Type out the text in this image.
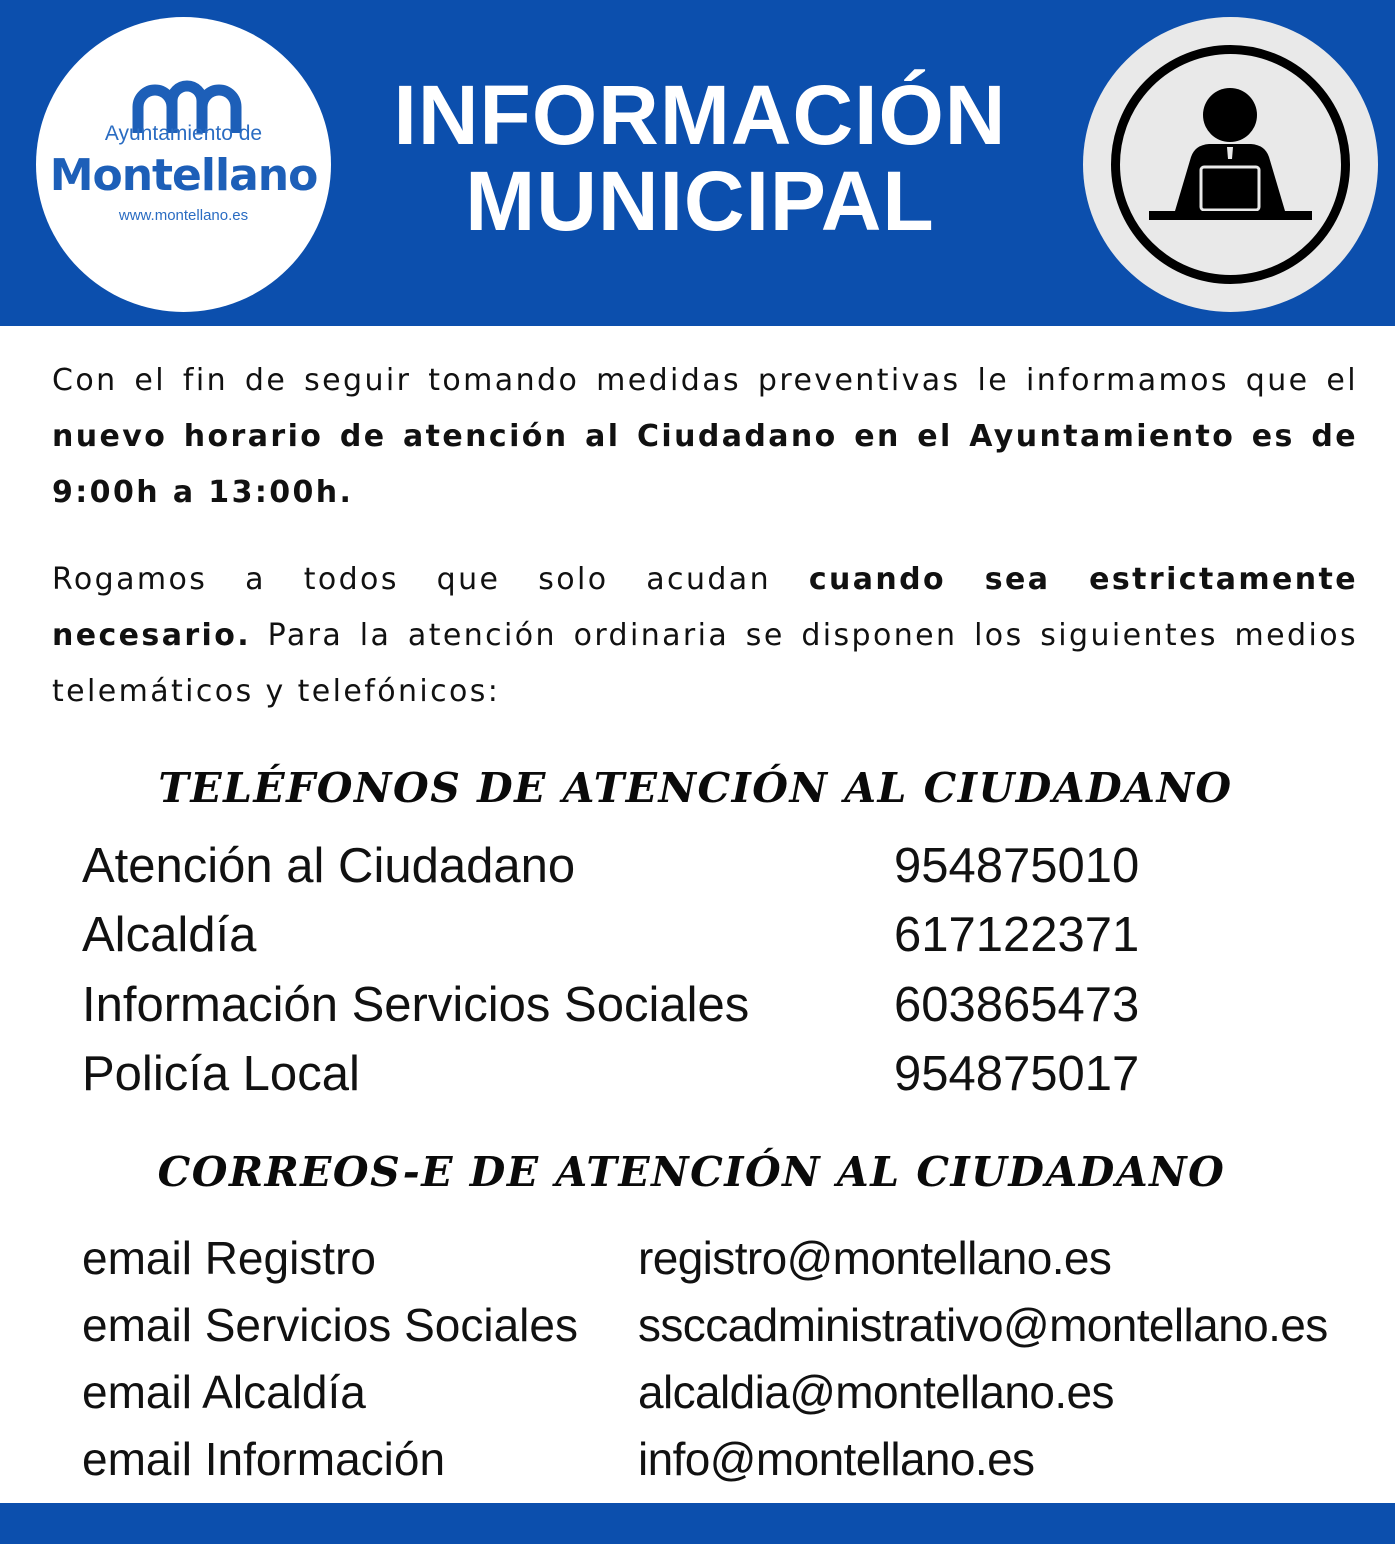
Ayuntamiento de
Montellano
www.montellano.es
INFORMACIÓN
MUNICIPAL
Con el fin de seguir tomando medidas preventivas le informamos que el nuevo horario de atención al Ciudadano en el Ayuntamiento es de 9:00h a 13:00h.
Rogamos a todos que solo acudan cuando sea estrictamente necesario. Para la atención ordinaria se disponen los siguientes medios telemáticos y telefónicos:
TELÉFONOS DE ATENCIÓN AL CIUDADANO
Atención al Ciudadano	954875010
Alcaldía	617122371
Información Servicios Sociales	603865473
Policía Local	954875017
CORREOS-E DE ATENCIÓN AL CIUDADANO
email Registro	registro@montellano.es
email Servicios Sociales ssccadministrativo@montellano.es
email Alcaldía	alcaldia@montellano.es
email Información	info@montellano.es
